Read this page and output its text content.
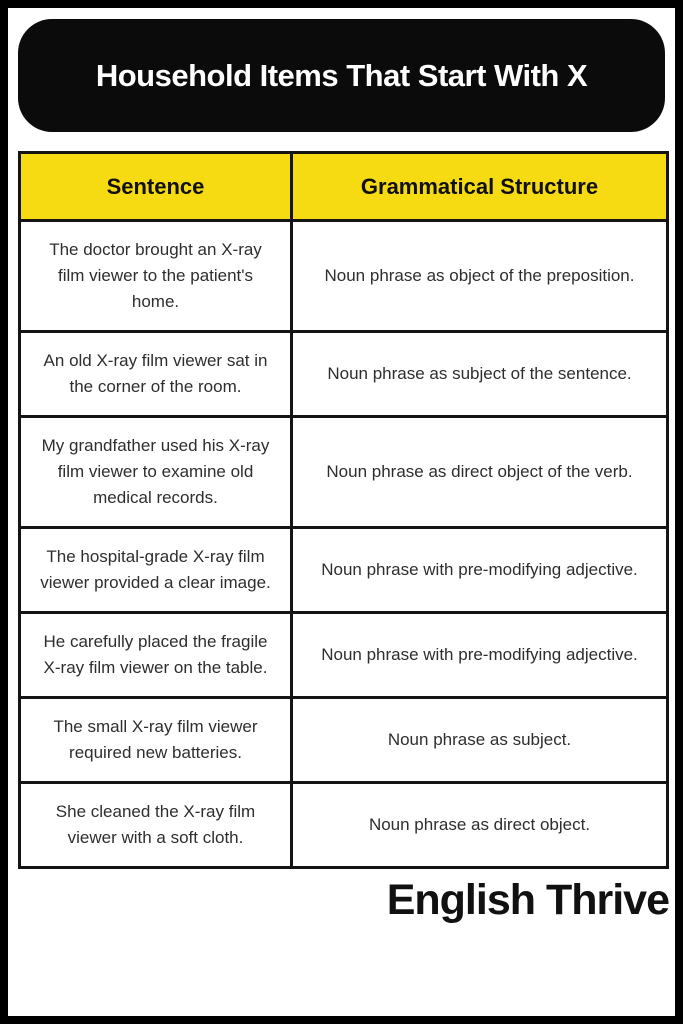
Household Items That Start With X
Sentence	Grammatical Structure
The doctor brought an X-ray film viewer to the patient's home.	Noun phrase as object of the preposition.
An old X-ray film viewer sat in the corner of the room.	Noun phrase as subject of the sentence.
My grandfather used his X-ray film viewer to examine old medical records.	Noun phrase as direct object of the verb.
The hospital-grade X-ray film viewer provided a clear image.	Noun phrase with pre-modifying adjective.
He carefully placed the fragile X-ray film viewer on the table.	Noun phrase with pre-modifying adjective.
The small X-ray film viewer required new batteries.	Noun phrase as subject.
She cleaned the X-ray film viewer with a soft cloth.	Noun phrase as direct object.
English Thrive
